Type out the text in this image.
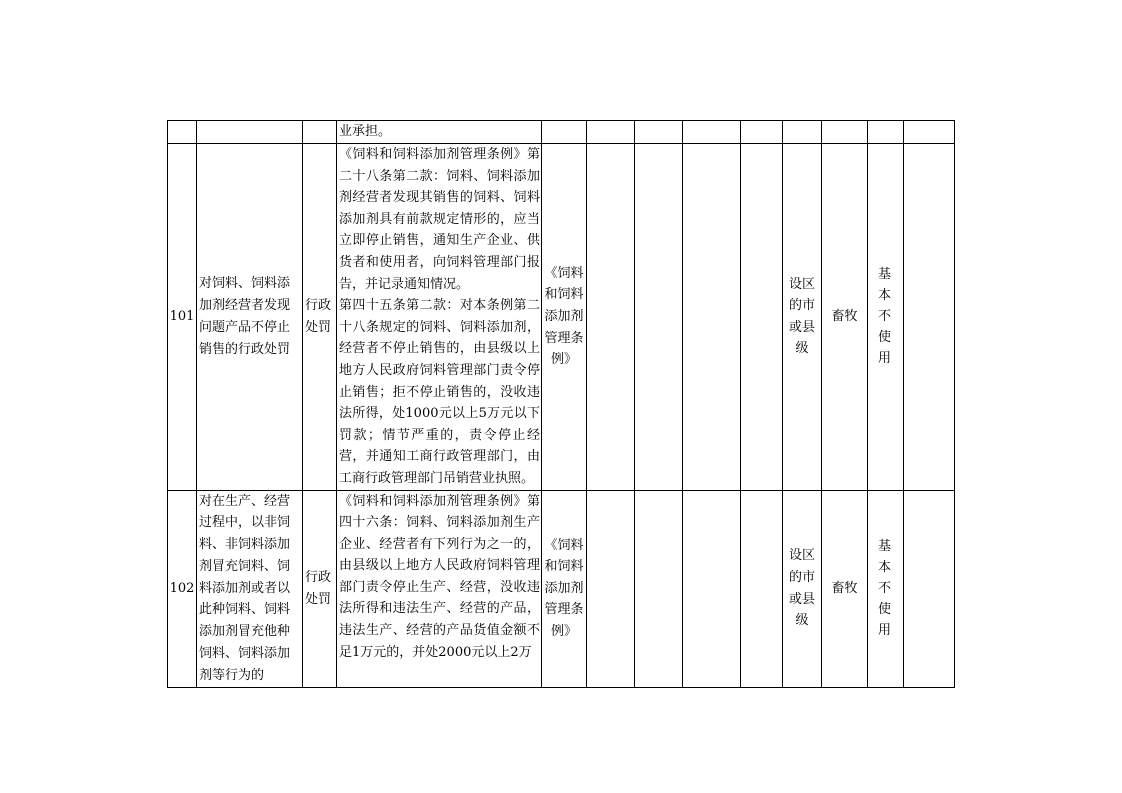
			业承担。									
101	对饲料、饲料添加剂经营者发现问题产品不停止销售的行政处罚	行政处罚	《饲料和饲料添加剂管理条例》第二十八条第二款：饲料、饲料添加剂经营者发现其销售的饲料、饲料添加剂具有前款规定情形的，应当立即停止销售，通知生产企业、供货者和使用者，向饲料管理部门报告，并记录通知情况。
第四十五条第二款：对本条例第二十八条规定的饲料、饲料添加剂，经营者不停止销售的，由县级以上地方人民政府饲料管理部门责令停止销售；拒不停止销售的，没收违法所得，处1000元以上5万元以下罚款；情节严重的，责令停止经营，并通知工商行政管理部门，由工商行政管理部门吊销营业执照。	《饲料和饲料添加剂管理条例》					设区的市或县级	畜牧	基本不使用	
102	对在生产、经营过程中，以非饲料、非饲料添加剂冒充饲料、饲料添加剂或者以此种饲料、饲料添加剂冒充他种饲料、饲料添加剂等行为的	行政处罚	《饲料和饲料添加剂管理条例》第四十六条：饲料、饲料添加剂生产企业、经营者有下列行为之一的，由县级以上地方人民政府饲料管理部门责令停止生产、经营，没收违法所得和违法生产、经营的产品，违法生产、经营的产品货值金额不足1万元的，并处2000元以上2万	《饲料和饲料添加剂管理条例》					设区的市或县级	畜牧	基本不使用	
